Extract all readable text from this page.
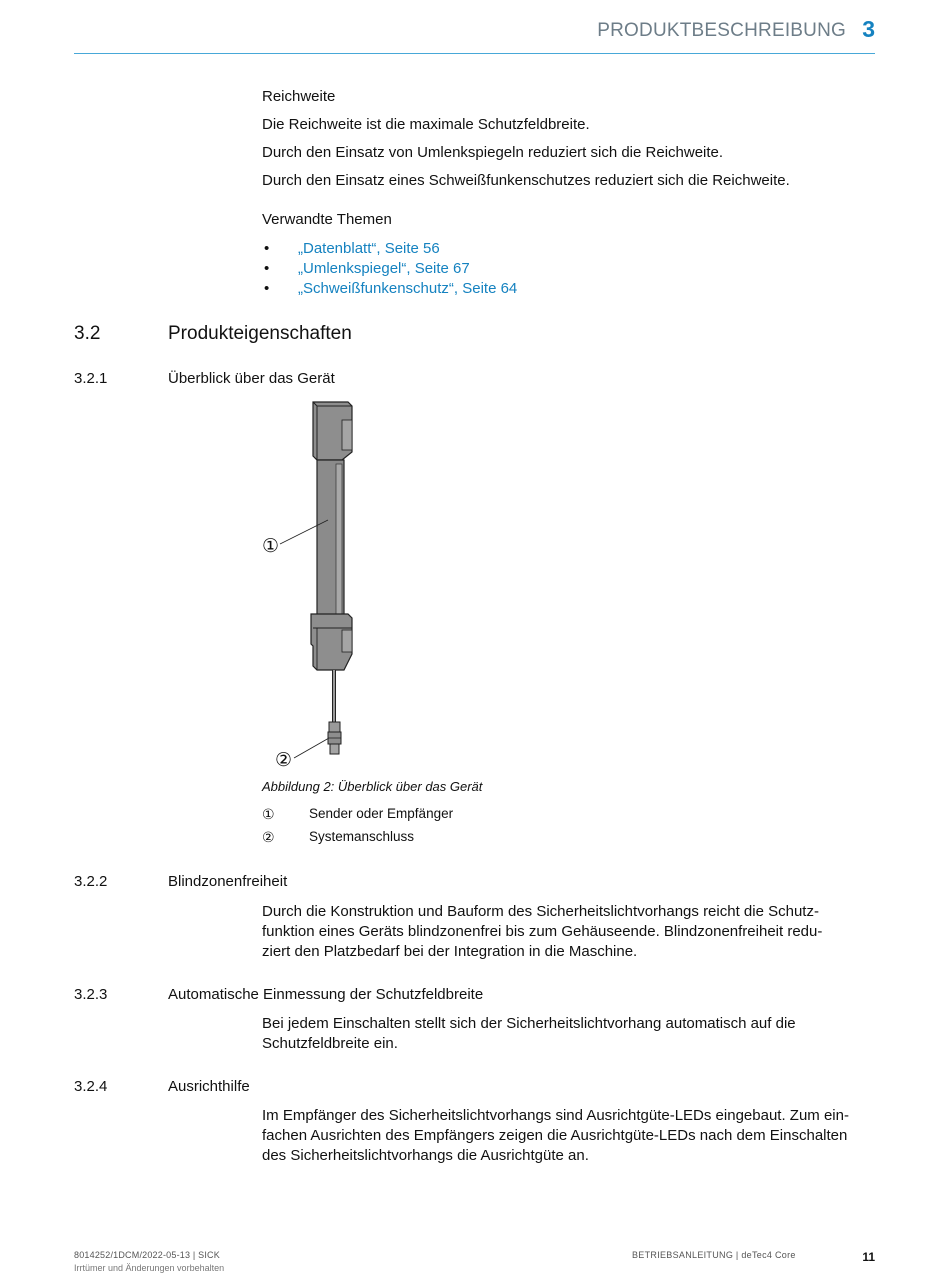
PRODUKTBESCHREIBUNG 3
Reichweite
Die Reichweite ist die maximale Schutzfeldbreite.
Durch den Einsatz von Umlenkspiegeln reduziert sich die Reichweite.
Durch den Einsatz eines Schweißfunkenschutzes reduziert sich die Reichweite.
Verwandte Themen
• „Datenblatt“, Seite 56
• „Umlenkspiegel“, Seite 67
• „Schweißfunkenschutz“, Seite 64
3.2	Produkteigenschaften
3.2.1	Überblick über das Gerät
①
②
Abbildung 2: Überblick über das Gerät
①	Sender oder Empfänger
②	Systemanschluss
3.2.2	Blindzonenfreiheit
Durch die Konstruktion und Bauform des Sicherheitslichtvorhangs reicht die Schutz-
funktion eines Geräts blindzonenfrei bis zum Gehäuseende. Blindzonenfreiheit redu-
ziert den Platzbedarf bei der Integration in die Maschine.
3.2.3	Automatische Einmessung der Schutzfeldbreite
Bei jedem Einschalten stellt sich der Sicherheitslichtvorhang automatisch auf die
Schutzfeldbreite ein.
3.2.4	Ausrichthilfe
Im Empfänger des Sicherheitslichtvorhangs sind Ausrichtgüte-LEDs eingebaut. Zum ein-
fachen Ausrichten des Empfängers zeigen die Ausrichtgüte-LEDs nach dem Einschalten
des Sicherheitslichtvorhangs die Ausrichtgüte an.
8014252/1DCM/2022-05-13 | SICK
Irrtümer und Änderungen vorbehalten
BETRIEBSANLEITUNG | deTec4 Core	11
